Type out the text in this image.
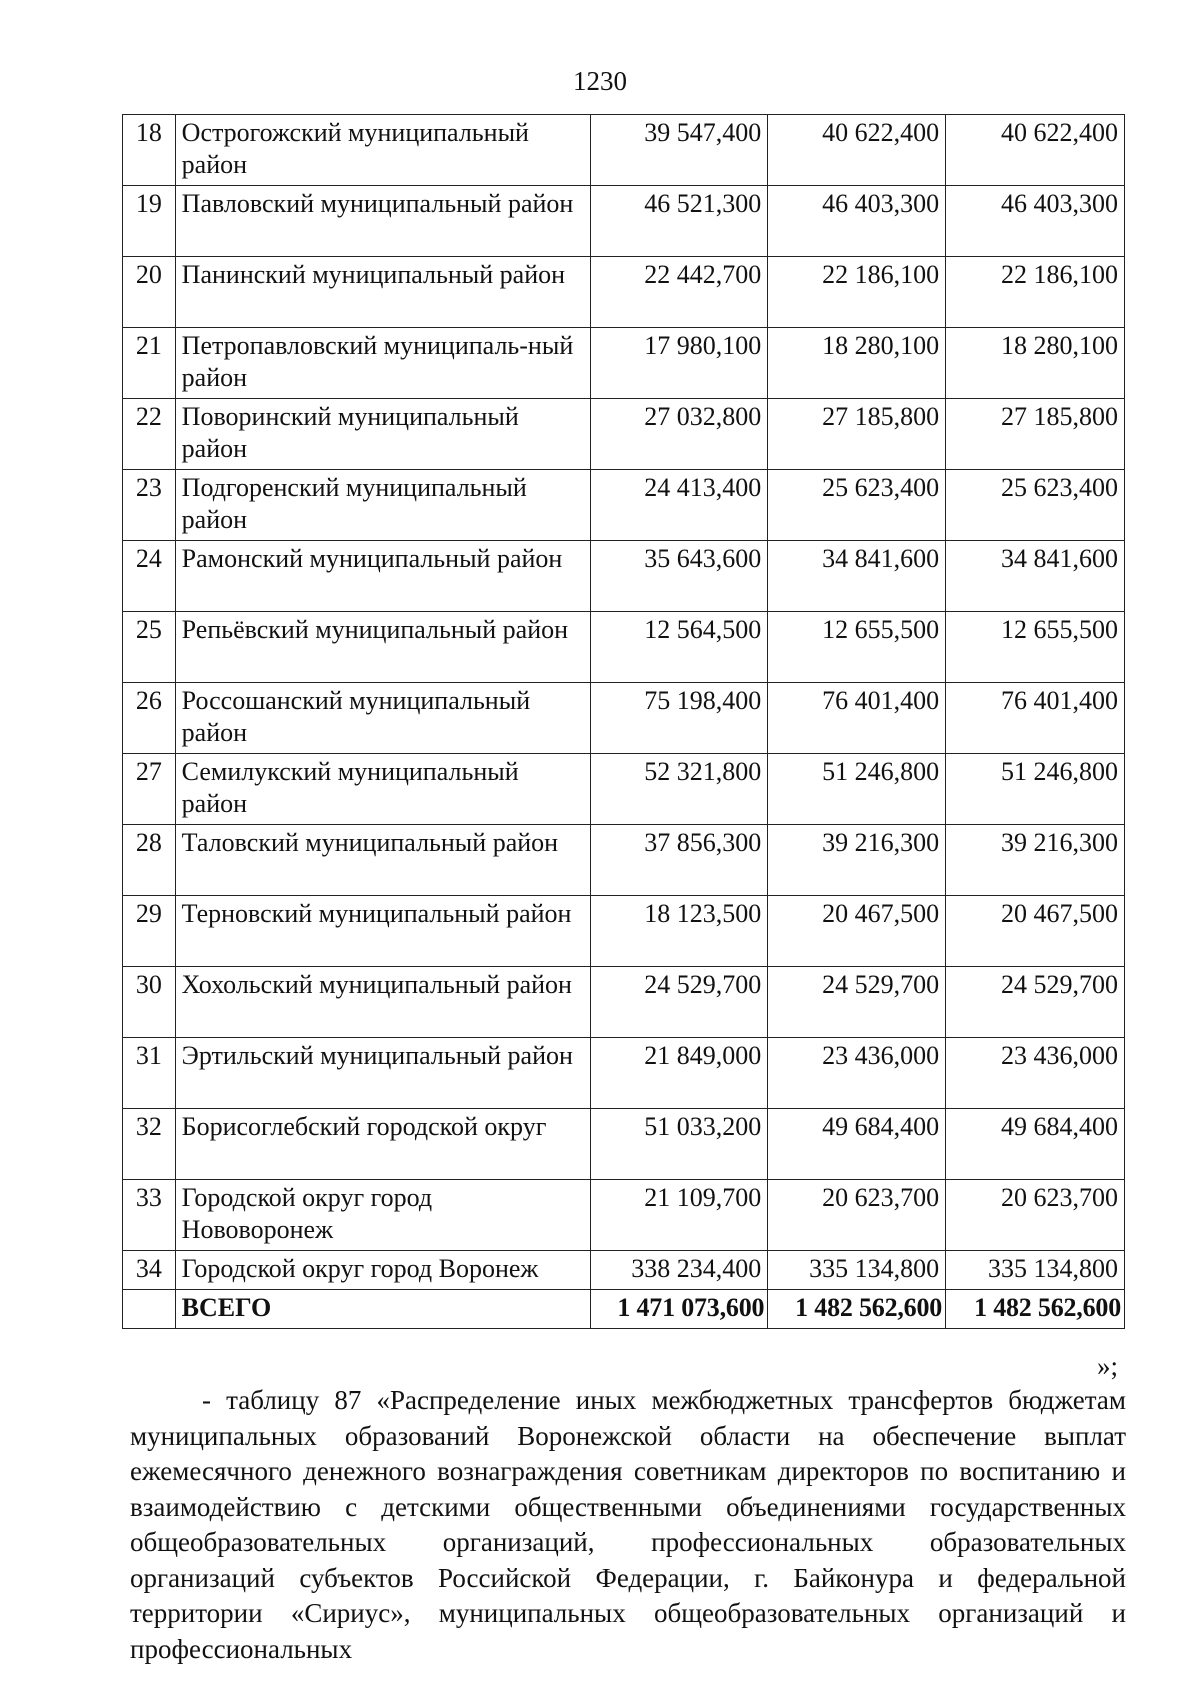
1230
18	Острогожский муниципальный район	39 547,400	40 622,400	40 622,400
19	Павловский муниципальный район	46 521,300	46 403,300	46 403,300
20	Панинский муниципальный район	22 442,700	22 186,100	22 186,100
21	Петропавловский муниципаль-ный район	17 980,100	18 280,100	18 280,100
22	Поворинский муниципальный район	27 032,800	27 185,800	27 185,800
23	Подгоренский муниципальный район	24 413,400	25 623,400	25 623,400
24	Рамонский муниципальный район	35 643,600	34 841,600	34 841,600
25	Репьёвский муниципальный район	12 564,500	12 655,500	12 655,500
26	Россошанский муниципальный район	75 198,400	76 401,400	76 401,400
27	Семилукский муниципальный район	52 321,800	51 246,800	51 246,800
28	Таловский муниципальный район	37 856,300	39 216,300	39 216,300
29	Терновский муниципальный район	18 123,500	20 467,500	20 467,500
30	Хохольский муниципальный район	24 529,700	24 529,700	24 529,700
31	Эртильский муниципальный район	21 849,000	23 436,000	23 436,000
32	Борисоглебский городской округ	51 033,200	49 684,400	49 684,400
33	Городской округ город Нововоронеж	21 109,700	20 623,700	20 623,700
34	Городской округ город Воронеж	338 234,400	335 134,800	335 134,800
	ВСЕГО	1 471 073,600	1 482 562,600	1 482 562,600
»;

- таблицу 87 «Распределение иных межбюджетных трансфертов бюджетам муниципальных образований Воронежской области на обеспечение выплат ежемесячного денежного вознаграждения советникам директоров по воспитанию и взаимодействию с детскими общественными объединениями государственных общеобразовательных организаций, профессиональных образовательных организаций субъектов Российской Федерации, г. Байконура и федеральной территории «Сириус», муниципальных общеобразовательных организаций и профессиональных
